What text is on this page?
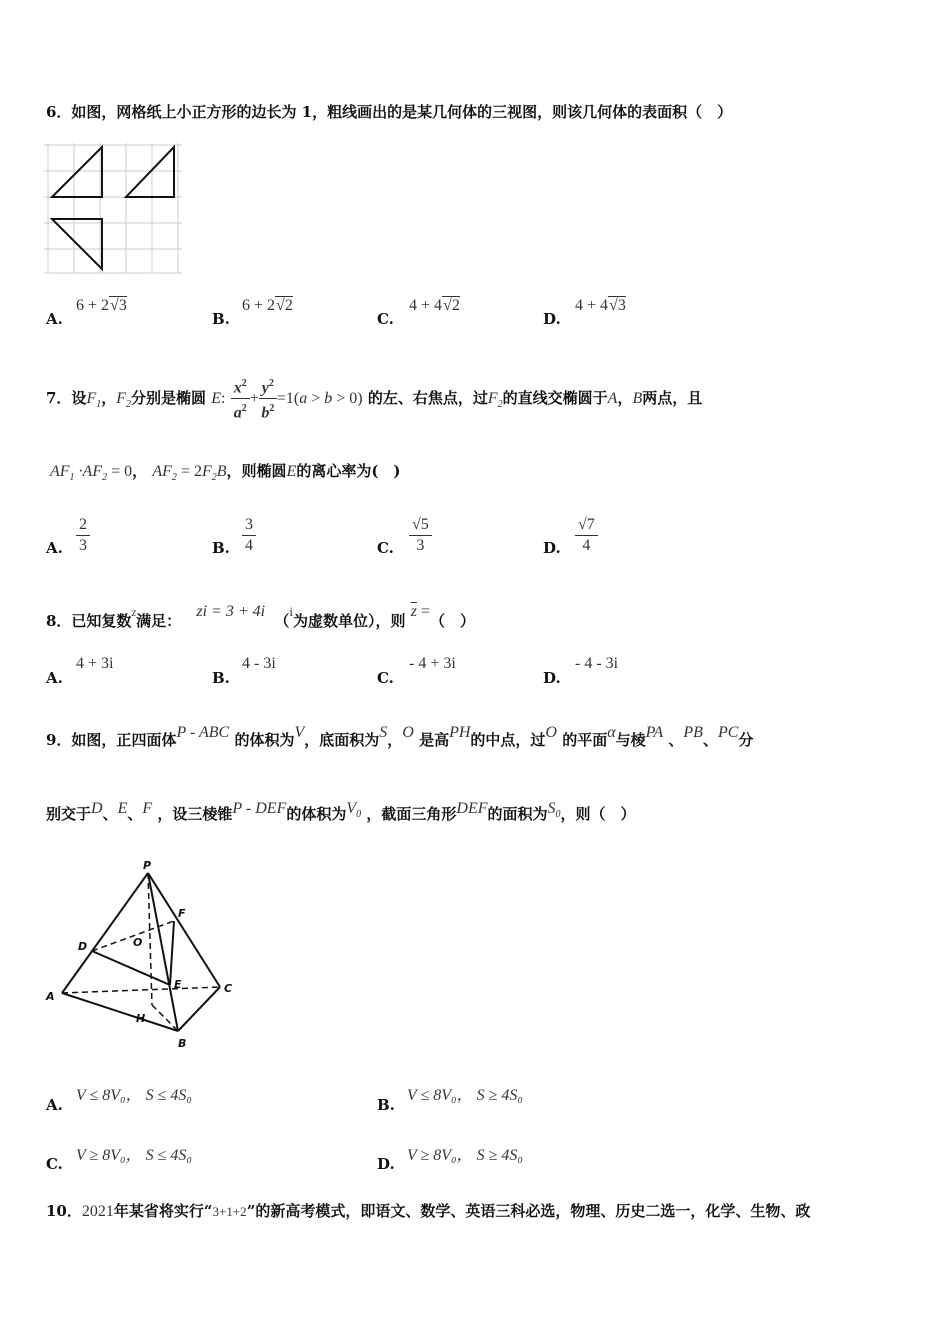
6．如图，网格纸上小正方形的边长为 1，粗线画出的是某几何体的三视图，则该几何体的表面积（　）
A.
6 + 2√3
B.
6 + 2√2
C.
4 + 4√2
D.
4 + 4√3
7．设$F_1$，$F_2$分别是椭圆 E: $\frac{x^2}{a^2} + \frac{y^2}{b^2} =1(a > b > 0)$ 的左、右焦点，过$F_2$的直线交椭圆于A，B两点，且
$AF_1 \cdot AF_2 = 0$， $AF_2 = 2F_2B$，则椭圆E的离心率为(　)
A. $\frac{2}{3}$	B. $\frac{3}{4}$	C. $\frac{√5}{3}$	D. $\frac{√7}{4}$
8．已知复数z满足： zi = 3 + 4i （i为虚数单位），则 $\overline{z}$ =（　）
A.
4 + 3i
B.
4 - 3i
C.
- 4 + 3i
D.
- 4 - 3i
9．如图，正四面体P - ABC 的体积为V，底面积为S，O 是高PH的中点，过O 的平面α与棱PA 、PB、PC分
别交于D、E、F ，设三棱锥P - DEF的体积为$V_0$ ，截面三角形DEF的面积为$S_0$，则（　）
P
F
D	O
E	C
A
H
B
A.
V ≤ 8V₀， S ≤ 4S₀
B.
V ≤ 8V₀， S ≥ 4S₀
C. V ≥ 8V₀， S ≤ 4S₀	D. V ≥ 8V₀， S ≥ 4S₀
10．2021年某省将实行“3+1+2”的新高考模式，即语文、数学、英语三科必选，物理、历史二选一，化学、生物、政
